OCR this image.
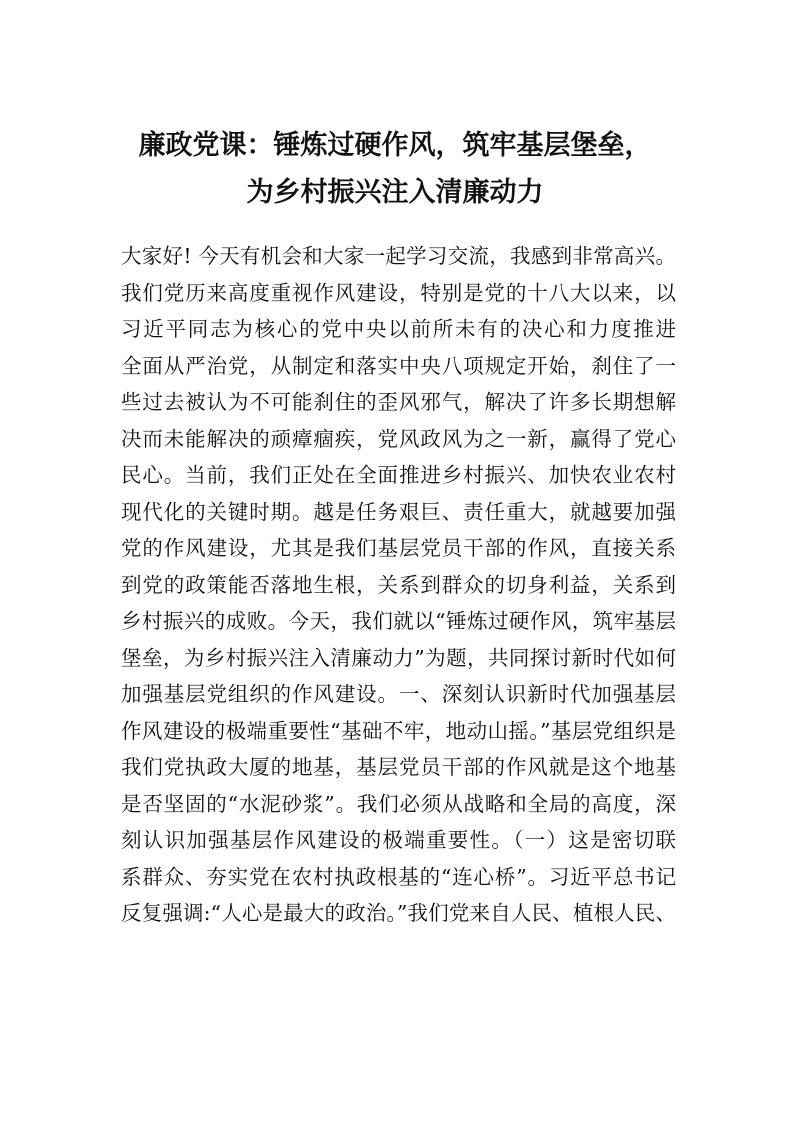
廉政党课：锤炼过硬作风，筑牢基层堡垒，
为乡村振兴注入清廉动力
大家好! 今天有机会和大家一起学习交流，我感到非常高兴。
我们党历来高度重视作风建设，特别是党的十八大以来，以
习近平同志为核心的党中央以前所未有的决心和力度推进
全面从严治党，从制定和落实中央八项规定开始，刹住了一
些过去被认为不可能刹住的歪风邪气，解决了许多长期想解
决而未能解决的顽瘴痼疾，党风政风为之一新，赢得了党心
民心。当前，我们正处在全面推进乡村振兴、加快农业农村
现代化的关键时期。越是任务艰巨、责任重大，就越要加强
党的作风建设，尤其是我们基层党员干部的作风，直接关系
到党的政策能否落地生根，关系到群众的切身利益，关系到
乡村振兴的成败。今天，我们就以“锤炼过硬作风，筑牢基层
堡垒，为乡村振兴注入清廉动力”为题，共同探讨新时代如何
加强基层党组织的作风建设。一、深刻认识新时代加强基层
作风建设的极端重要性“基础不牢，地动山摇。”基层党组织是
我们党执政大厦的地基，基层党员干部的作风就是这个地基
是否坚固的“水泥砂浆”。我们必须从战略和全局的高度，深
刻认识加强基层作风建设的极端重要性。（一）这是密切联
系群众、夯实党在农村执政根基的“连心桥”。习近平总书记
反复强调:“人心是最大的政治。”我们党来自人民、植根人民、
